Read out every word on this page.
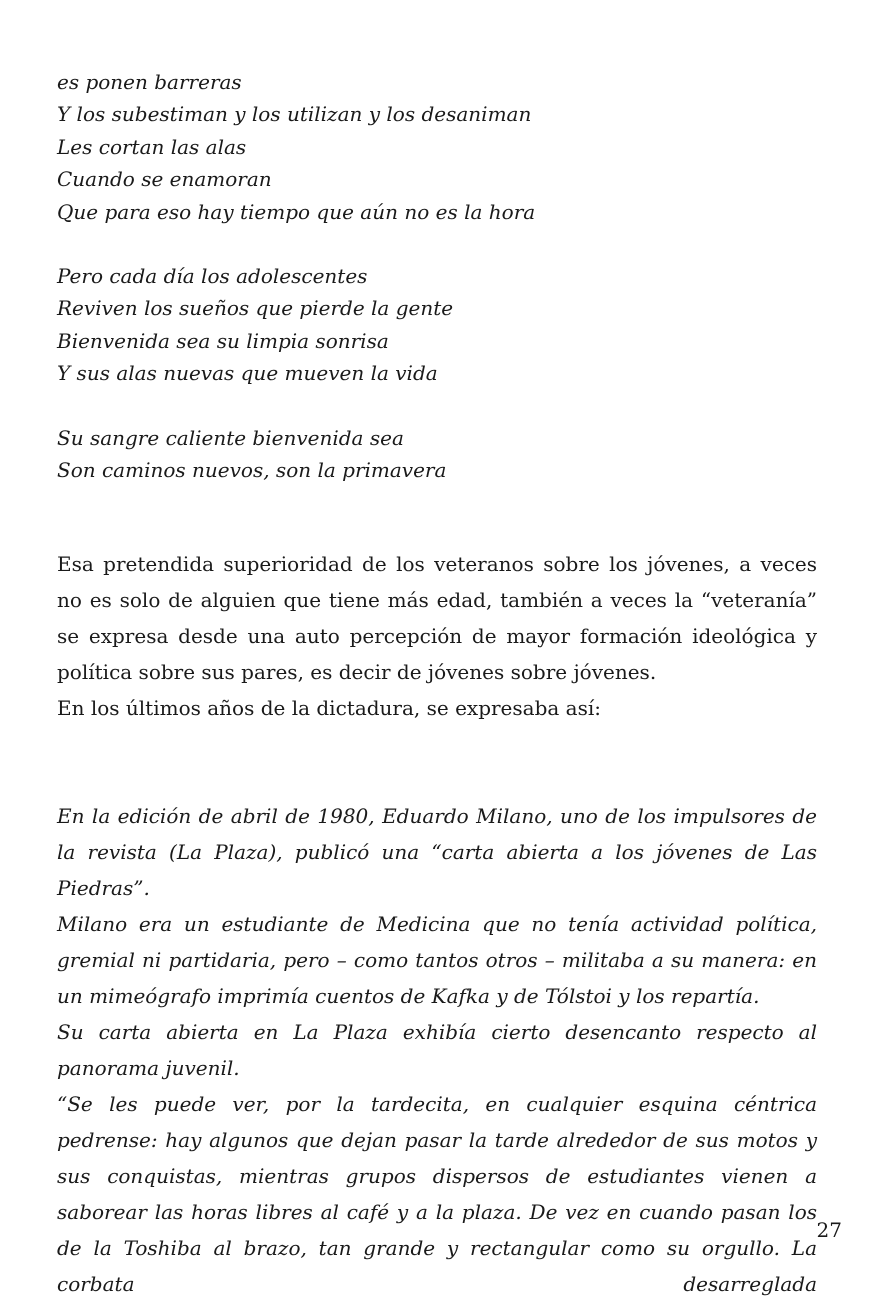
es ponen barreras
Y los subestiman y los utilizan y los desaniman
Les cortan las alas
Cuando se enamoran
Que para eso hay tiempo que aún no es la hora
Pero cada día los adolescentes
Reviven los sueños que pierde la gente
Bienvenida sea su limpia sonrisa
Y sus alas nuevas que mueven la vida
Su sangre caliente bienvenida sea
Son caminos nuevos, son la primavera

Esa pretendida superioridad de los veteranos sobre los jóvenes, a veces no es solo de alguien que tiene más edad, también a veces la “veteranía” se expresa desde una auto percepción de mayor formación ideológica y política sobre sus pares, es decir de jóvenes sobre jóvenes.

En los últimos años de la dictadura, se expresaba así:

En la edición de abril de 1980, Eduardo Milano, uno de los impulsores de la revista (La Plaza), publicó una “carta abierta a los jóvenes de Las Piedras”.

Milano era un estudiante de Medicina que no tenía actividad política, gremial ni partidaria, pero – como tantos otros – militaba a su manera: en un mimeógrafo imprimía cuentos de Kafka y de Tólstoi y los repartía.

Su carta abierta en La Plaza exhibía cierto desencanto respecto al panorama juvenil.

“Se les puede ver, por la tardecita, en cualquier esquina céntrica pedrense: hay algunos que dejan pasar la tarde alrededor de sus motos y sus conquistas, mientras grupos dispersos de estudiantes vienen a saborear las horas libres al café y a la plaza. De vez en cuando pasan los de la Toshiba al brazo, tan grande y rectangular como su orgullo. La corbata desarreglada

27
